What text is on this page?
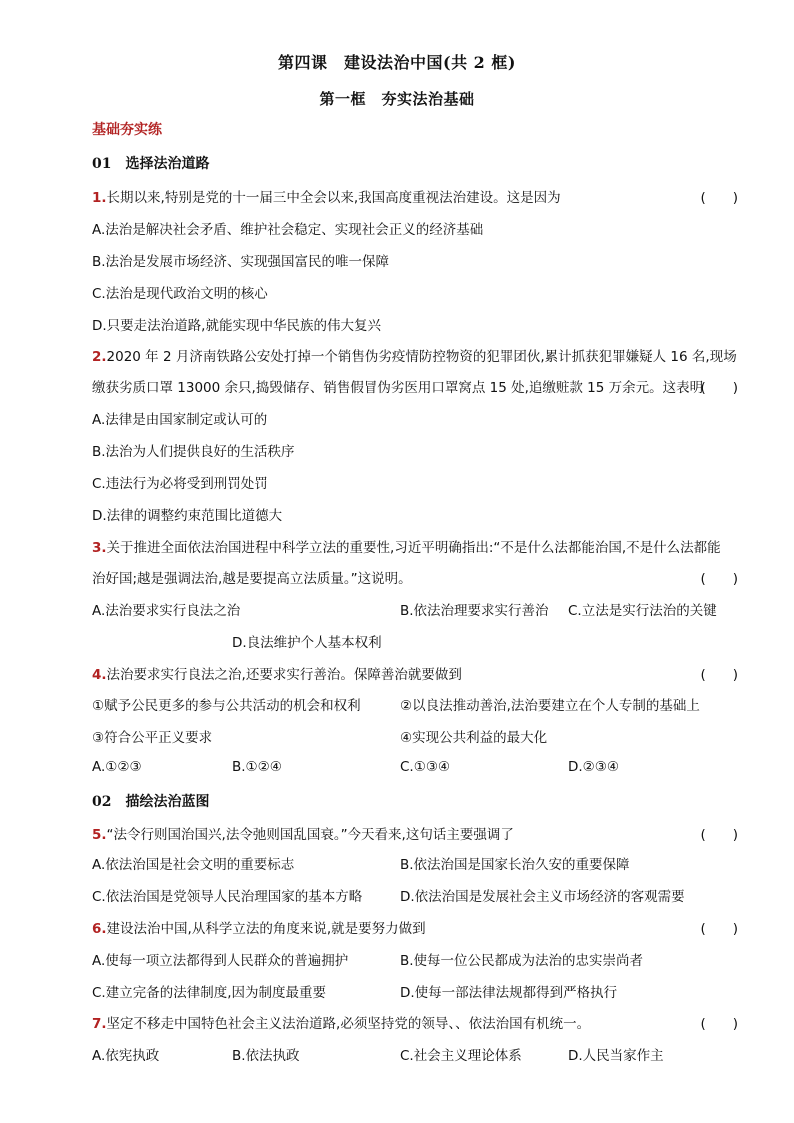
第四课　建设法治中国(共 2 框)
第一框　夯实法治基础
基础夯实练
01　选择法治道路
1.长期以来,特别是党的十一届三中全会以来,我国高度重视法治建设。这是因为	(　　)
A.法治是解决社会矛盾、维护社会稳定、实现社会正义的经济基础
B.法治是发展市场经济、实现强国富民的唯一保障
C.法治是现代政治文明的核心
D.只要走法治道路,就能实现中华民族的伟大复兴
2.2020 年 2 月济南铁路公安处打掉一个销售伪劣疫情防控物资的犯罪团伙,累计抓获犯罪嫌疑人 16 名,现场
缴获劣质口罩 13000 余只,捣毁储存、销售假冒伪劣医用口罩窝点 15 处,追缴赃款 15 万余元。这表明
(　　)
A.法律是由国家制定或认可的
B.法治为人们提供良好的生活秩序
C.违法行为必将受到刑罚处罚
D.法律的调整约束范围比道德大
3.关于推进全面依法治国进程中科学立法的重要性,习近平明确指出:“不是什么法都能治国,不是什么法都能
治好国;越是强调法治,越是要提高立法质量。”这说明。	(　　)
A.法治要求实行良法之治	B.依法治理要求实行善治 C.立法是实行法治的关键
D.良法维护个人基本权利
4.法治要求实行良法之治,还要求实行善治。保障善治就要做到	(　　)
①赋予公民更多的参与公共活动的机会和权利	②以良法推动善治,法治要建立在个人专制的基础上
③符合公平正义要求	④实现公共利益的最大化
A.①②③	B.①②④	C.①③④	D.②③④
02　描绘法治蓝图
5.“法令行则国治国兴,法令弛则国乱国衰。”今天看来,这句话主要强调了	(　　)
A.依法治国是社会文明的重要标志	B.依法治国是国家长治久安的重要保障
C.依法治国是党领导人民治理国家的基本方略	D.依法治国是发展社会主义市场经济的客观需要
6.建设法治中国,从科学立法的角度来说,就是要努力做到	(　　)
A.使每一项立法都得到人民群众的普遍拥护	B.使每一位公民都成为法治的忠实崇尚者
C.建立完备的法律制度,因为制度最重要	D.使每一部法律法规都得到严格执行
7.坚定不移走中国特色社会主义法治道路,必须坚持党的领导、、依法治国有机统一。	(　　)
A.依宪执政	B.依法执政	C.社会主义理论体系	D.人民当家作主
